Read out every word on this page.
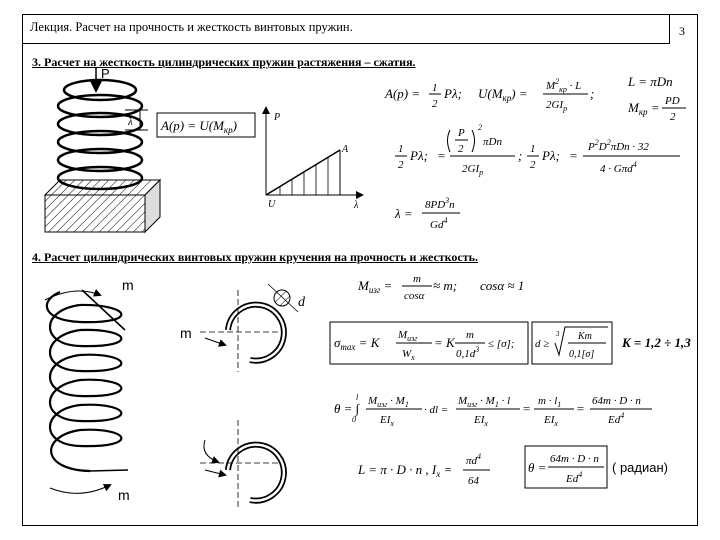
Лекция. Расчет на прочность и жесткость винтовых пружин.	3
3. Расчет на жесткость цилиндрических пружин растяжения – сжатия.
4. Расчет цилиндрических винтовых пружин кручения на прочность и жесткость.
P
λ $A(p) = U(M_{кр})$
P
A
U	λ
m
m
m
d
A(p) = 1
2
Pλ; $U(M_{кр}) = M^2_{кр} \cdot L$
$2GI_p$
;
L = πDn
$M_{кр}$ = PD
2
1
2
Pλ; =
P
2
2
πDn
$2GI_p$
; 1
2
Pλ; =
$P^2D^2\pi Dn \cdot 32$
4 · Gπd$^4$
λ =
$8PD^3n$
Gd$^4$
$M_{изг} = m$
cosα
≈ m; cosα ≈ 1
$\sigma_{max} = K$ $M_{изг}$
$W_x$
= K m
$0,1d^3 \le [\sigma]$; d ≥
3 Km
0,1[σ]
K = 1,2 ÷ 1,3
θ = ∫
l
0
$M_{изг} \cdot M_1$
$EI_x$
· dl =
$M_{изг} \cdot M_1 \cdot l$
$EI_x$
= $m \cdot l_1$
$EI_x$
= 64m · D · n
Ed$^4$
L = π · D · n , $I_x$ =
$\pi d^4$
64
θ =
64m · D · n
Ed$^4$ ( радиан)
